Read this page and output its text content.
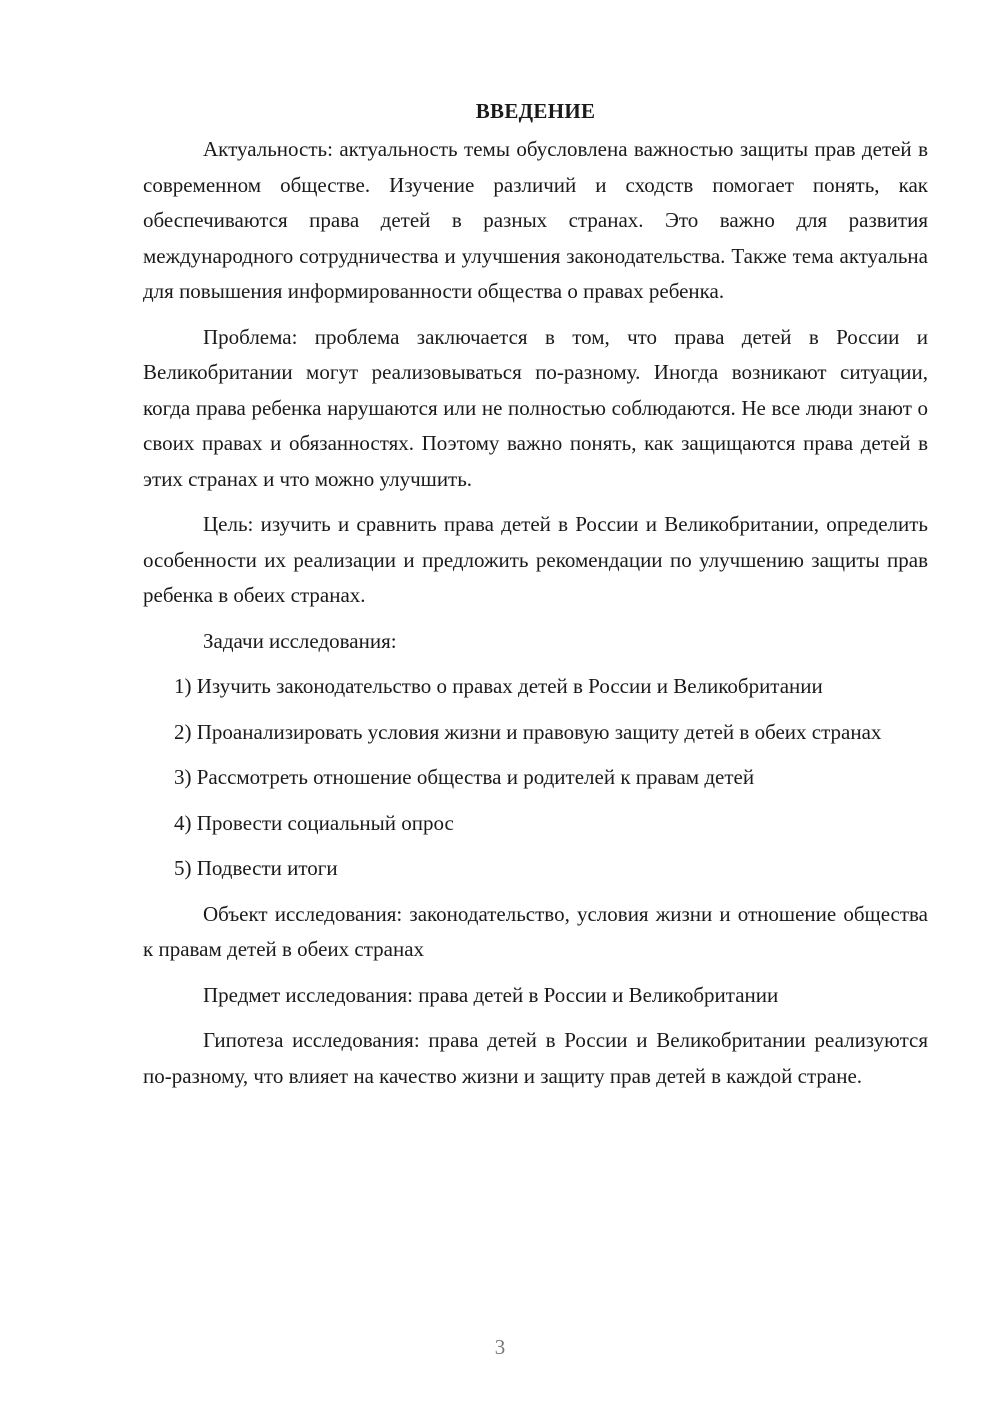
ВВЕДЕНИЕ

Актуальность: актуальность темы обусловлена важностью защиты прав детей в современном обществе. Изучение различий и сходств помогает понять, как обеспечиваются права детей в разных странах. Это важно для развития международного сотрудничества и улучшения законодательства. Также тема актуальна для повышения информированности общества о правах ребенка.

Проблема: проблема заключается в том, что права детей в России и Великобритании могут реализовываться по-разному. Иногда возникают ситуации, когда права ребенка нарушаются или не полностью соблюдаются. Не все люди знают о своих правах и обязанностях. Поэтому важно понять, как защищаются права детей в этих странах и что можно улучшить.

Цель: изучить и сравнить права детей в России и Великобритании, определить особенности их реализации и предложить рекомендации по улучшению защиты прав ребенка в обеих странах.

Задачи исследования:

1) Изучить законодательство о правах детей в России и Великобритании

2) Проанализировать условия жизни и правовую защиту детей в обеих странах

3) Рассмотреть отношение общества и родителей к правам детей

4) Провести социальный опрос

5) Подвести итоги

Объект исследования: законодательство, условия жизни и отношение общества к правам детей в обеих странах

Предмет исследования: права детей в России и Великобритании

Гипотеза исследования: права детей в России и Великобритании реализуются по-разному, что влияет на качество жизни и защиту прав детей в каждой стране.

3
